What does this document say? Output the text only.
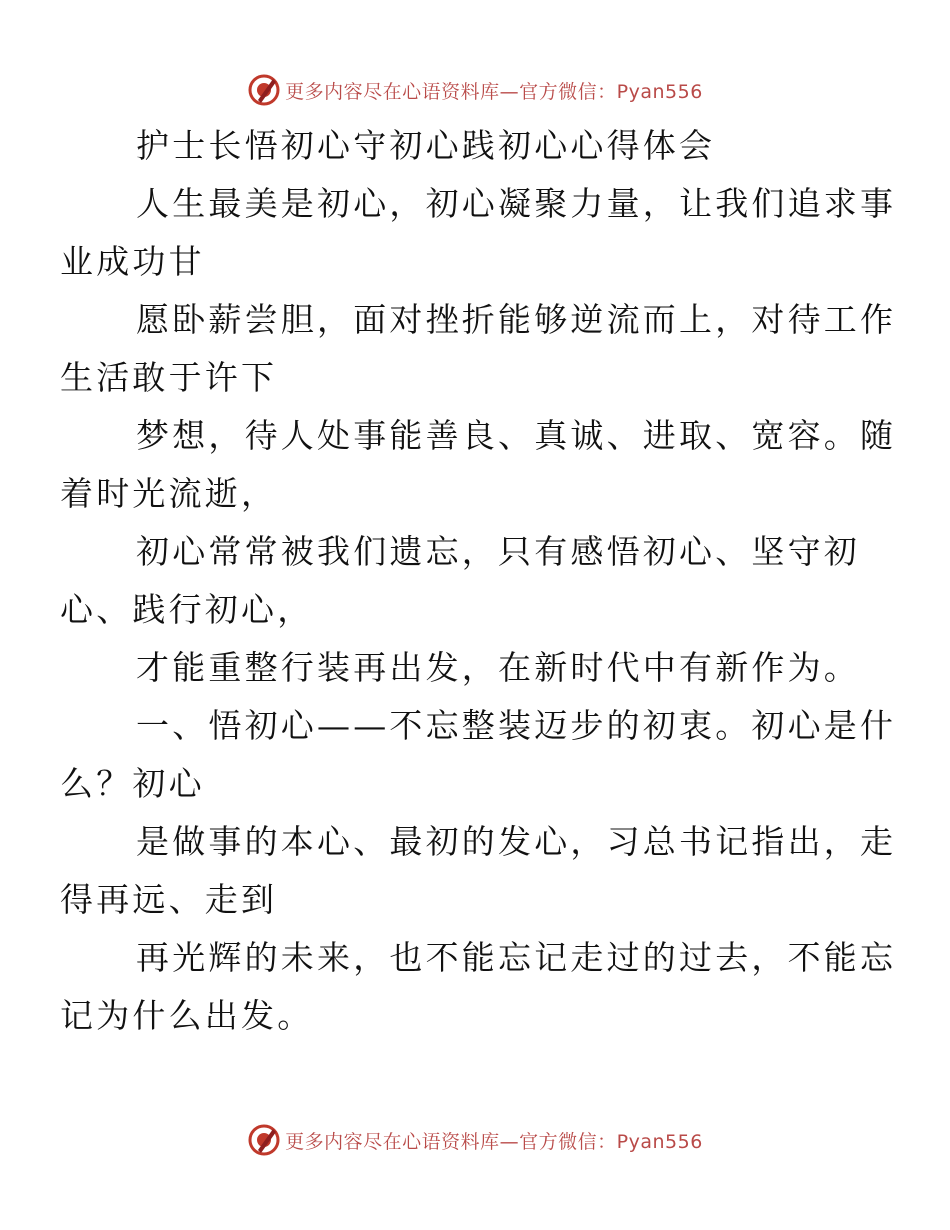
更多内容尽在心语资料库—官方微信：Pyan556

护士长悟初心守初心践初心心得体会

人生最美是初心，初心凝聚力量，让我们追求事
业成功甘

愿卧薪尝胆，面对挫折能够逆流而上，对待工作
生活敢于许下

梦想，待人处事能善良、真诚、进取、宽容。随
着时光流逝，

初心常常被我们遗忘，只有感悟初心、坚守初
心、践行初心，

才能重整行装再出发，在新时代中有新作为。

一、悟初心——不忘整装迈步的初衷。初心是什
么？初心

是做事的本心、最初的发心，习总书记指出，走
得再远、走到

再光辉的未来，也不能忘记走过的过去，不能忘
记为什么出发。

更多内容尽在心语资料库—官方微信：Pyan556
